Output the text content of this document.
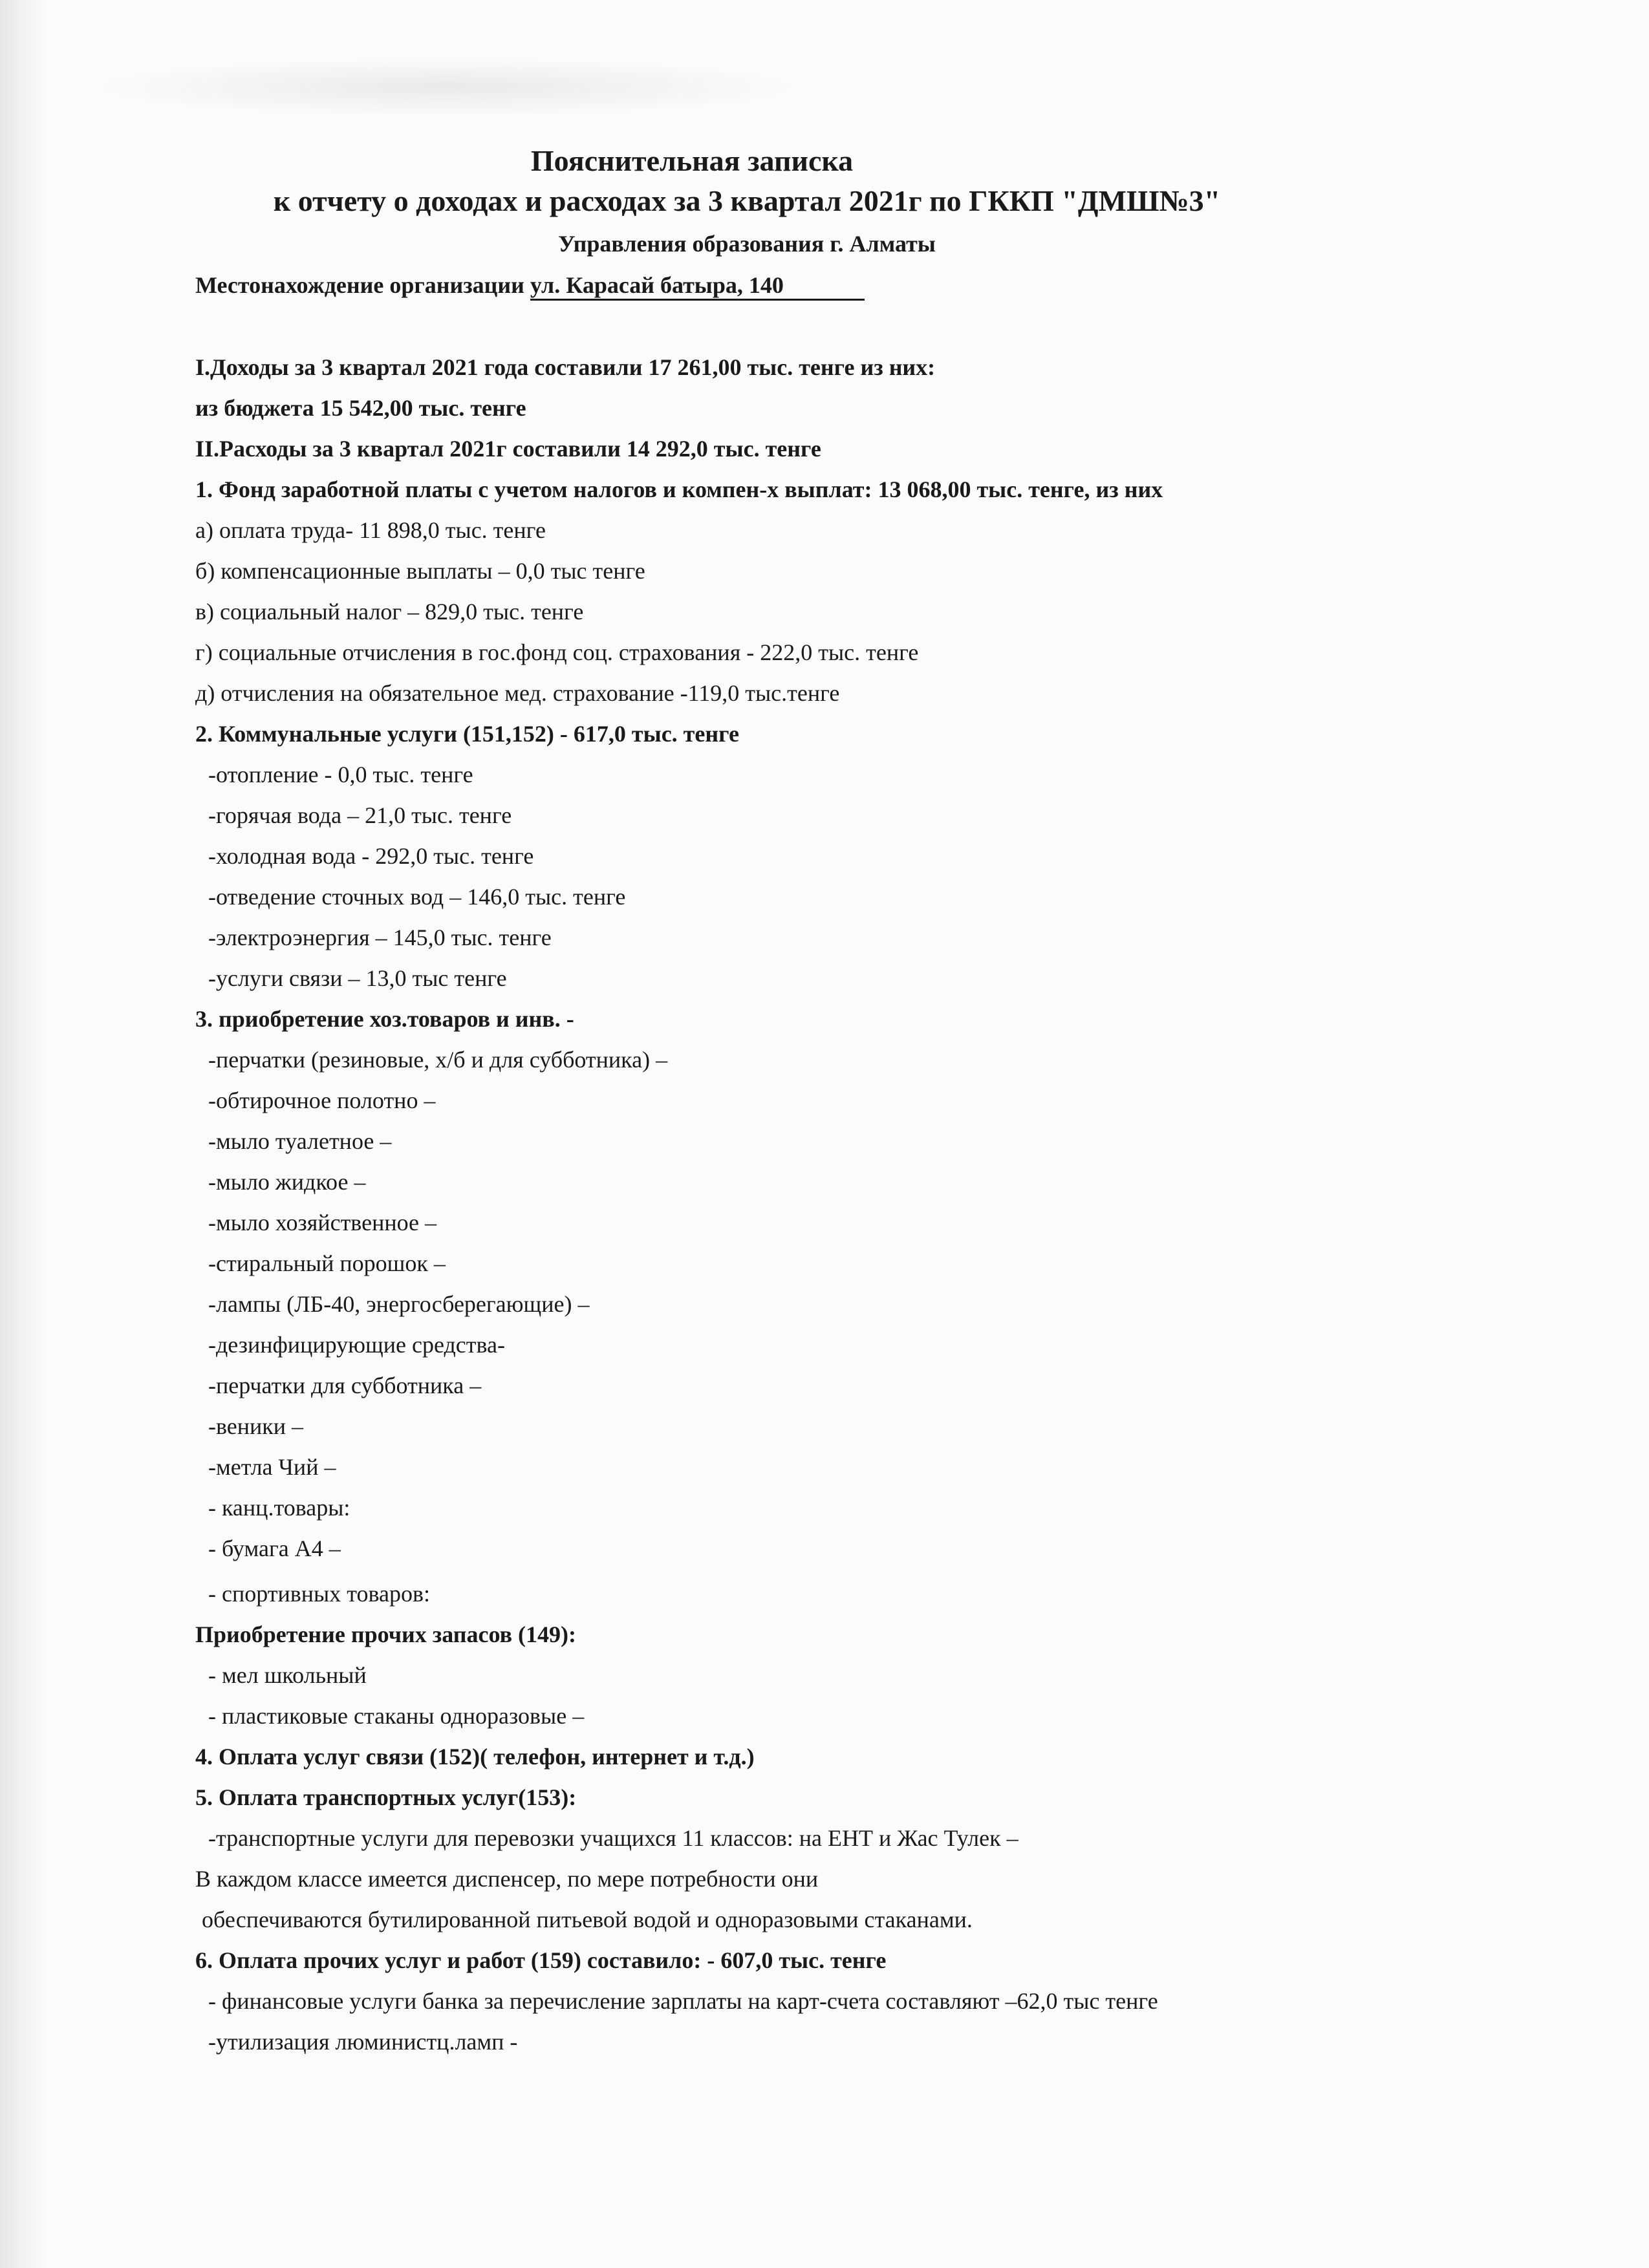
Пояснительная записка
к отчету о доходах и расходах за 3 квартал 2021г по ГККП "ДМШ№3"
Управления образования г. Алматы
Местонахождение организации ул. Карасай батыра, 140
I.Доходы за 3 квартал 2021 года составили 17 261,00 тыс. тенге из них:
из бюджета 15 542,00 тыс. тенге
II.Расходы за 3 квартал 2021г составили 14 292,0 тыс. тенге
1. Фонд заработной платы с учетом налогов и компен-х выплат: 13 068,00 тыс. тенге, из них
а) оплата труда- 11 898,0 тыс. тенге
б) компенсационные выплаты – 0,0 тыс тенге
в) социальный налог – 829,0 тыс. тенге
г) социальные отчисления в гос.фонд соц. страхования - 222,0 тыс. тенге
д) отчисления на обязательное мед. страхование -119,0 тыс.тенге
2. Коммунальные услуги (151,152) - 617,0 тыс. тенге
-отопление - 0,0 тыс. тенге
-горячая вода – 21,0 тыс. тенге
-холодная вода - 292,0 тыс. тенге
-отведение сточных вод – 146,0 тыс. тенге
-электроэнергия – 145,0 тыс. тенге
-услуги связи – 13,0 тыс тенге
3. приобретение хоз.товаров и инв. -
-перчатки (резиновые, х/б и для субботника) –
-обтирочное полотно –
-мыло туалетное –
-мыло жидкое –
-мыло хозяйственное –
-стиральный порошок –
-лампы (ЛБ-40, энергосберегающие) –
-дезинфицирующие средства-
-перчатки для субботника –
-веники –
-метла Чий –
- канц.товары:
- бумага А4 –
- спортивных товаров:
Приобретение прочих запасов (149):
- мел школьный
- пластиковые стаканы одноразовые –
4. Оплата услуг связи (152)( телефон, интернет и т.д.)
5. Оплата транспортных услуг(153):
-транспортные услуги для перевозки учащихся 11 классов: на ЕНТ и Жас Тулек –
В каждом классе имеется диспенсер, по мере потребности они
обеспечиваются бутилированной питьевой водой и одноразовыми стаканами.
6. Оплата прочих услуг и работ (159) составило: - 607,0 тыс. тенге
- финансовые услуги банка за перечисление зарплаты на карт-счета составляют –62,0 тыс тенге
-утилизация люминистц.ламп -
